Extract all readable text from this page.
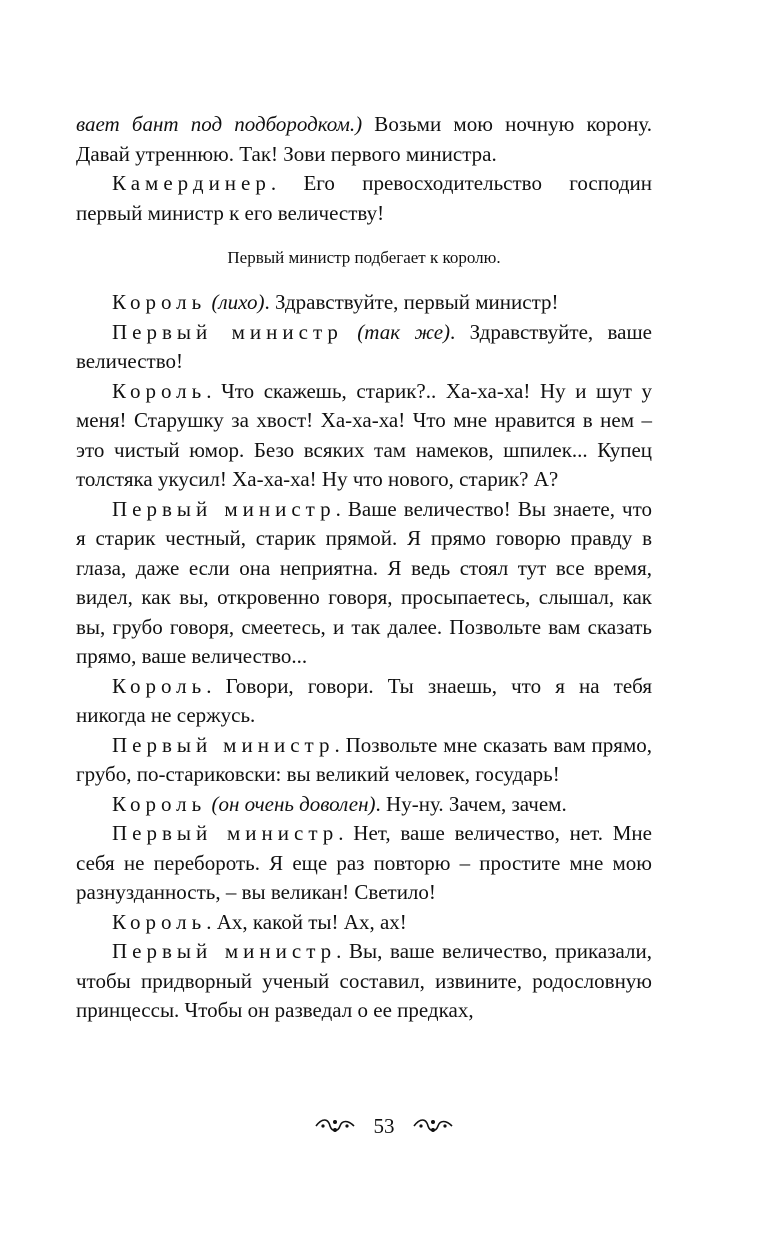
вает бант под подбородком.) Возьми мою ночную корону. Давай утреннюю. Так! Зови первого министра.

Камердинер. Его превосходительство господин первый министр к его величеству!

Первый министр подбегает к королю.

Король (лихо). Здравствуйте, первый министр!

Первый министр (так же). Здравствуйте, ваше величество!

Король. Что скажешь, старик?.. Ха-ха-ха! Ну и шут у меня! Старушку за хвост! Ха-ха-ха! Что мне нравится в нем – это чистый юмор. Безо всяких там намеков, шпилек... Купец толстяка укусил! Ха-ха-ха! Ну что нового, старик? А?

Первый министр. Ваше величество! Вы знаете, что я старик честный, старик прямой. Я прямо говорю правду в глаза, даже если она неприятна. Я ведь стоял тут все время, видел, как вы, откровенно говоря, просыпаетесь, слышал, как вы, грубо говоря, смеетесь, и так далее. Позвольте вам сказать прямо, ваше величество...

Король. Говори, говори. Ты знаешь, что я на тебя никогда не сержусь.

Первый министр. Позвольте мне сказать вам прямо, грубо, по-стариковски: вы великий человек, государь!

Король (он очень доволен). Ну-ну. Зачем, зачем.

Первый министр. Нет, ваше величество, нет. Мне себя не перебороть. Я еще раз повторю – простите мне мою разнузданность, – вы великан! Светило!

Король. Ах, какой ты! Ах, ах!

Первый министр. Вы, ваше величество, приказали, чтобы придворный ученый составил, извините, родословную принцессы. Чтобы он разведал о ее предках,

53
